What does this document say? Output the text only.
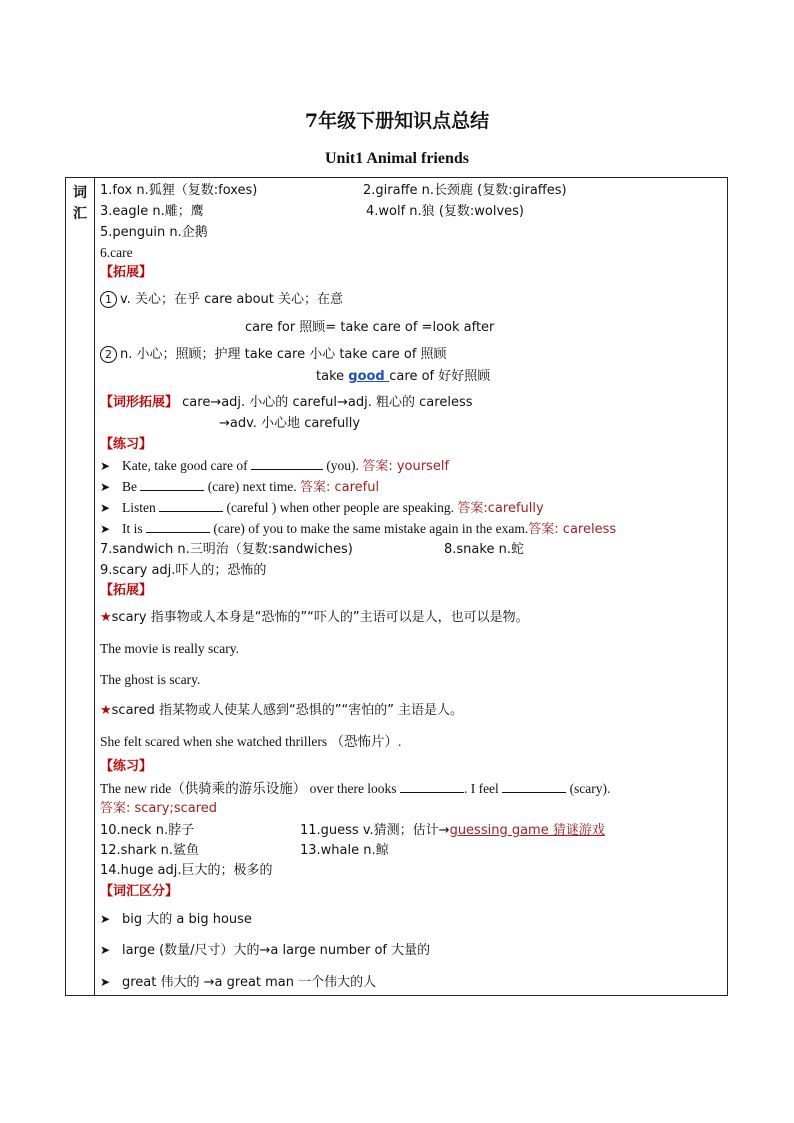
7年级下册知识点总结
Unit1 Animal friends
词
汇
1.fox n.狐狸（复数:foxes)	2.giraffe n.长颈鹿 (复数:giraffes)
3.eagle n.雕；鹰	4.wolf n.狼 (复数:wolves)
5.penguin n.企鹅
6.care
【拓展】
1 v. 关心；在乎 care about 关心；在意
care for 照顾= take care of =look after
2 n. 小心；照顾；护理 take care 小心 take care of 照顾
take good care of 好好照顾
【词形拓展】 care→adj. 小心的 careful→adj. 粗心的 careless
→adv. 小心地 carefully
【练习】
➤ Kate, take good care of	(you). 答案: yourself
➤ Be	(care) next time. 答案: careful
➤ Listen	(careful ) when other people are speaking. 答案:carefully
➤ It is	(care) of you to make the same mistake again in the exam.答案: careless
7.sandwich n.三明治（复数:sandwiches)	8.snake n.蛇
9.scary adj.吓人的；恐怖的
【拓展】
★scary 指事物或人本身是“恐怖的”“吓人的”主语可以是人，也可以是物。
The movie is really scary.
The ghost is scary.
★scared 指某物或人使某人感到“恐惧的”“害怕的” 主语是人。
She felt scared when she watched thrillers （恐怖片）.
【练习】
The new ride（供骑乘的游乐设施） over there looks	. I feel	(scary).
答案: scary;scared
10.neck n.脖子	11.guess v.猜测；估计→guessing game 猜谜游戏
12.shark n.鲨鱼	13.whale n.鲸
14.huge adj.巨大的；极多的
【词汇区分】
➤ big 大的 a big house
➤ large (数量/尺寸）大的→a large number of 大量的
➤ great 伟大的 →a great man 一个伟大的人
